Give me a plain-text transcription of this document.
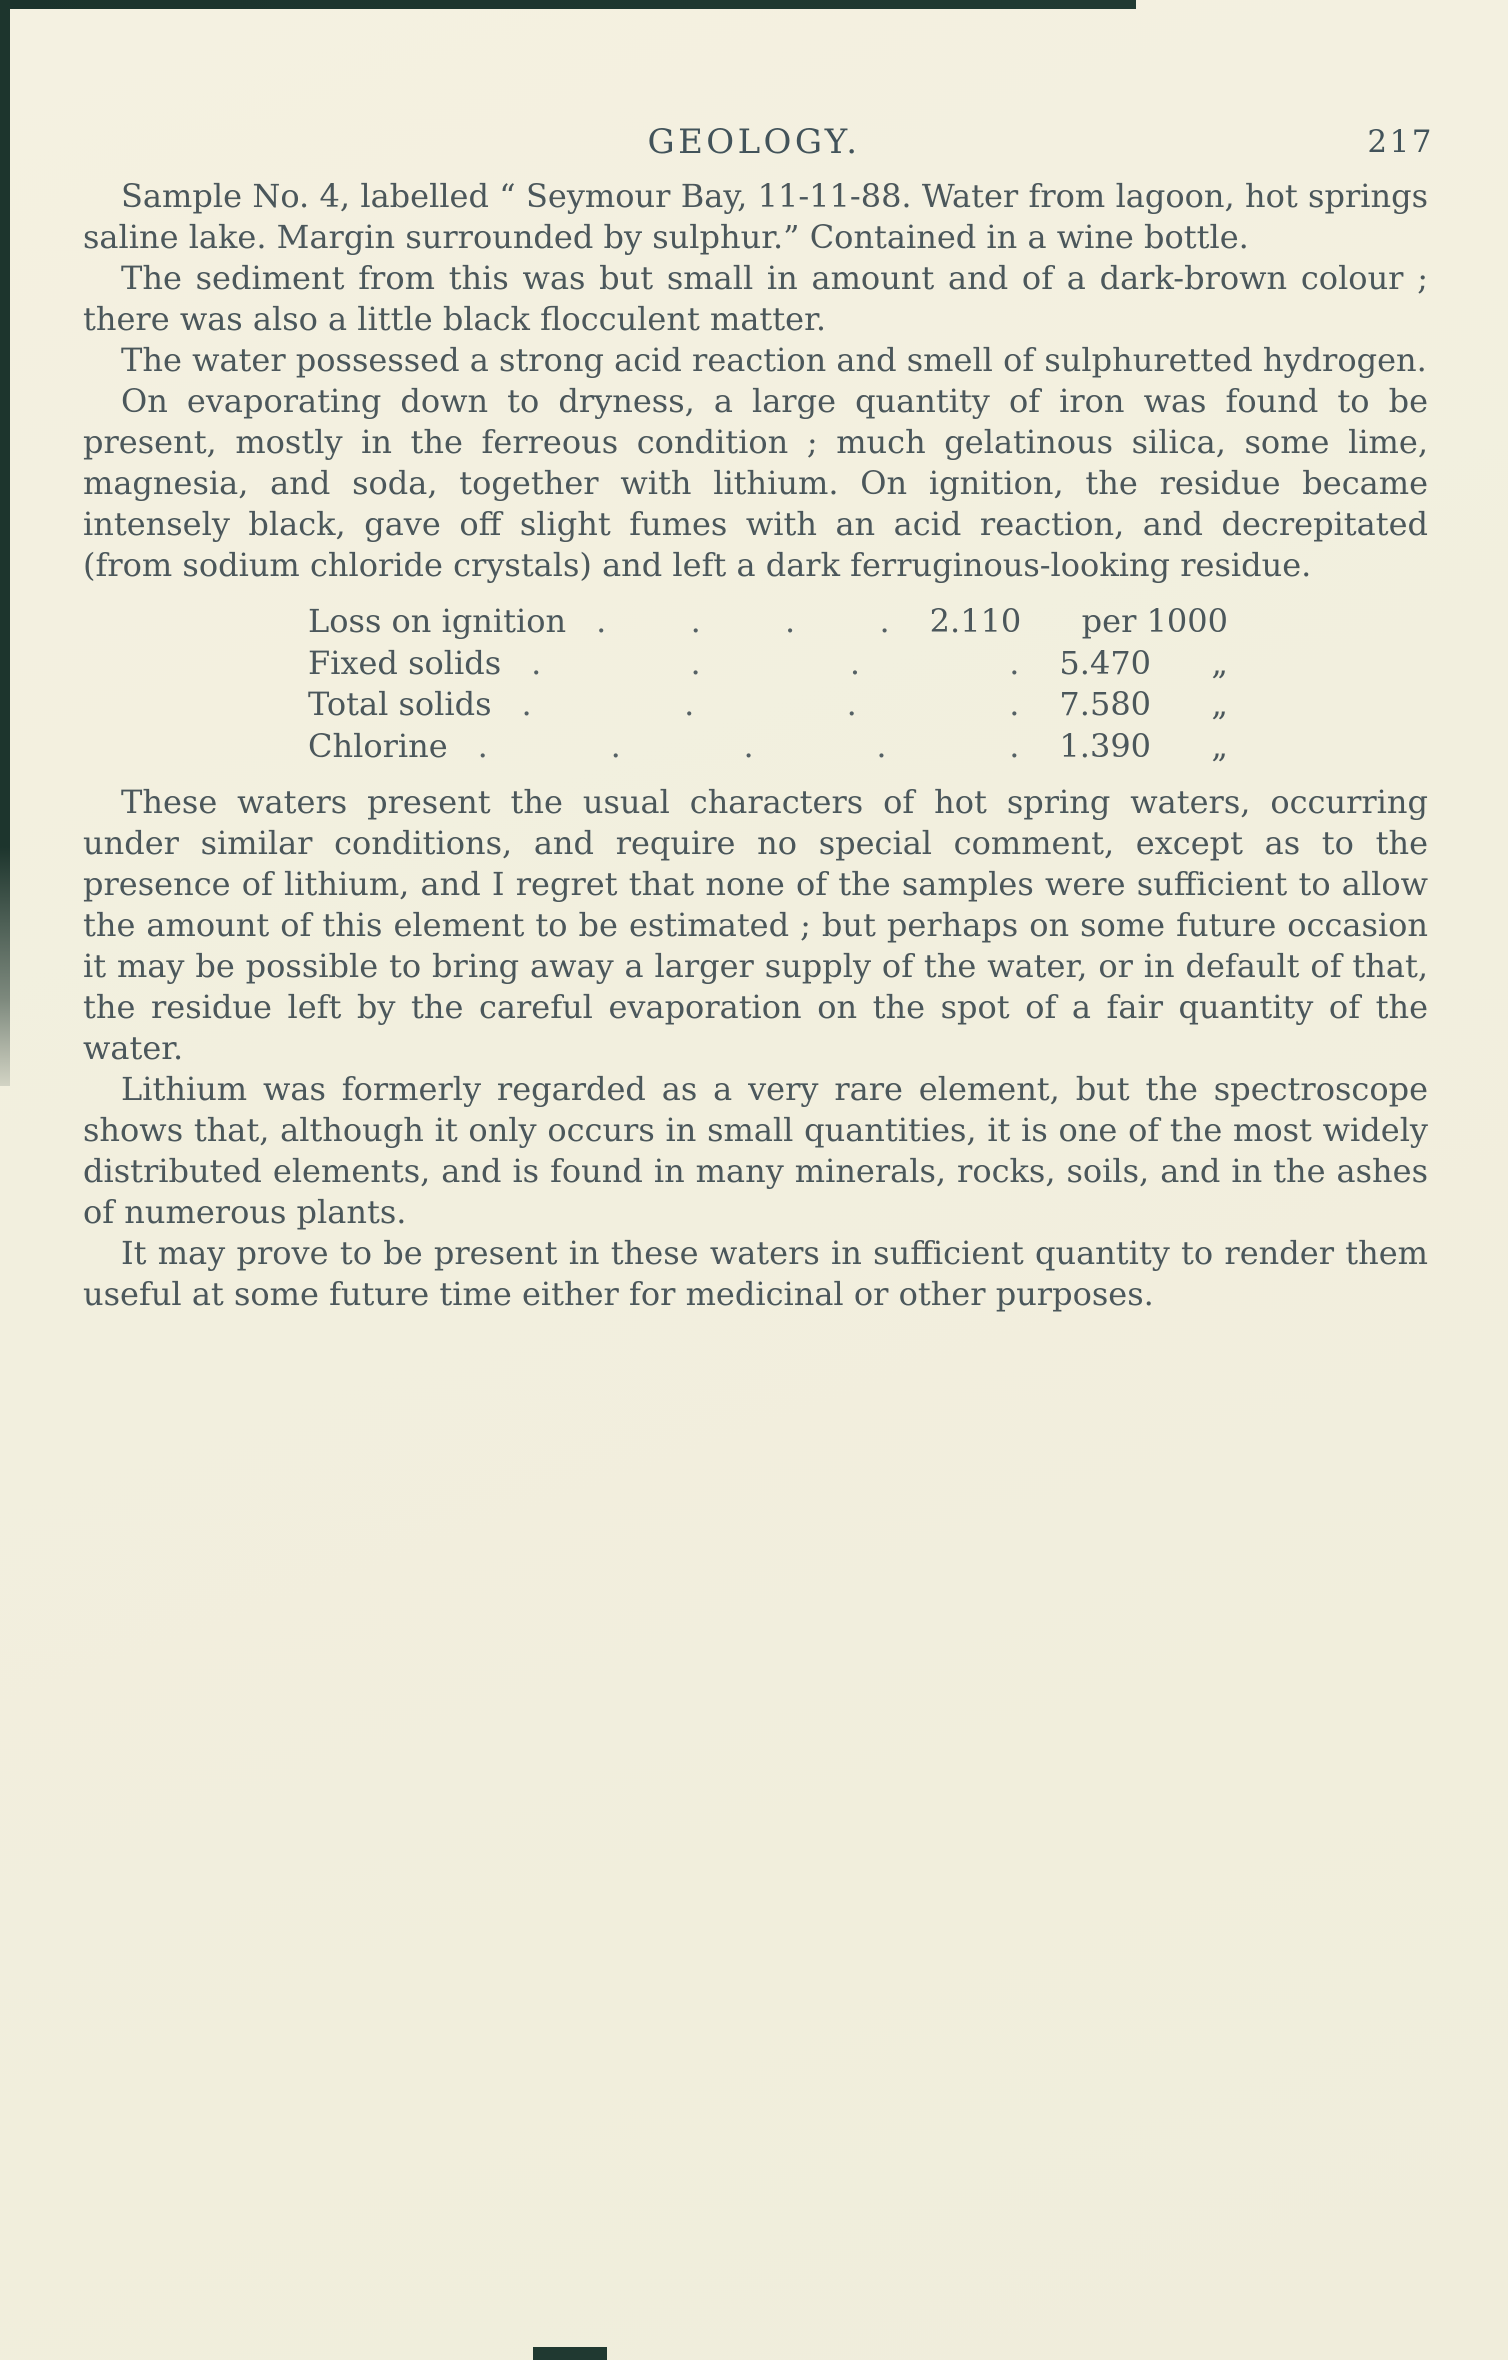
GEOLOGY.	217

Sample No. 4, labelled “ Seymour Bay, 11-11-88. Water from lagoon, hot springs saline lake. Margin surrounded by sulphur.” Contained in a wine bottle.

The sediment from this was but small in amount and of a dark-brown colour ; there was also a little black flocculent matter.

The water possessed a strong acid reaction and smell of sulphuretted hydrogen.

On evaporating down to dryness, a large quantity of iron was found to be present, mostly in the ferreous condition ; much gelatinous silica, some lime, magnesia, and soda, together with lithium. On ignition, the residue became intensely black, gave off slight fumes with an acid reaction, and decrepitated (from sodium chloride crystals) and left a dark ferruginous-looking residue.

Loss on ignition . . . .	2.110	per 1000
Fixed solids . . . .	5.470	„
Total solids . . . .	7.580	„
Chlorine . . . . .	1.390	„

These waters present the usual characters of hot spring waters, occurring under similar conditions, and require no special comment, except as to the presence of lithium, and I regret that none of the samples were sufficient to allow the amount of this element to be estimated ; but perhaps on some future occasion it may be possible to bring away a larger supply of the water, or in default of that, the residue left by the careful evaporation on the spot of a fair quantity of the water.

Lithium was formerly regarded as a very rare element, but the spectroscope shows that, although it only occurs in small quantities, it is one of the most widely distributed elements, and is found in many minerals, rocks, soils, and in the ashes of numerous plants.

It may prove to be present in these waters in sufficient quantity to render them useful at some future time either for medicinal or other purposes.
